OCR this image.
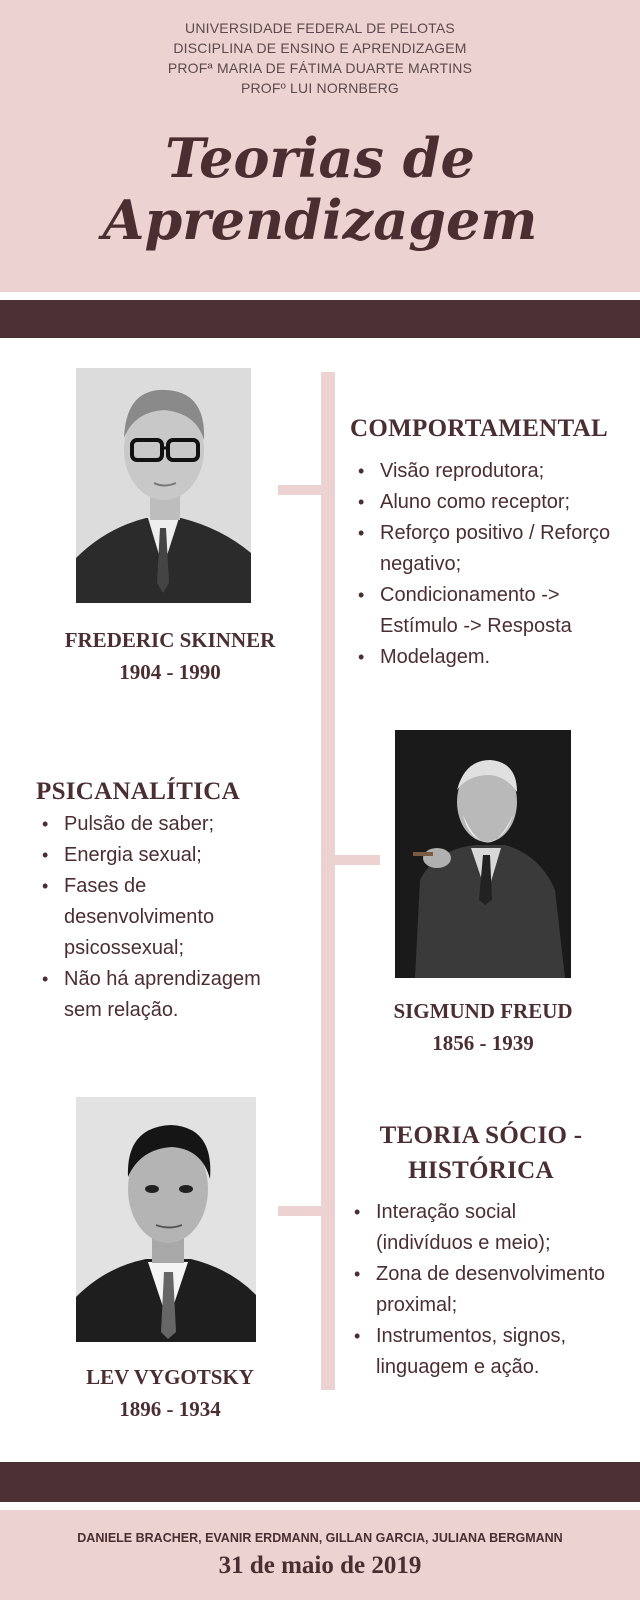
UNIVERSIDADE FEDERAL DE PELOTAS
DISCIPLINA DE ENSINO E APRENDIZAGEM
PROFª MARIA DE FÁTIMA DUARTE MARTINS
PROFº LUI NORNBERG
Teorias de
Aprendizagem
FREDERIC SKINNER
1904 - 1990
COMPORTAMENTAL
• Visão reprodutora;
• Aluno como receptor;
• Reforço positivo / Reforço negativo;
• Condicionamento -> Estímulo -> Resposta
• Modelagem.
PSICANALÍTICA
• Pulsão de saber;
• Energia sexual;
• Fases de desenvolvimento psicossexual;
• Não há aprendizagem sem relação.	SIGMUND FREUD
1856 - 1939
LEV VYGOTSKY
1896 - 1934
TEORIA SÓCIO -
HISTÓRICA
• Interação social (indivíduos e meio);
• Zona de desenvolvimento proximal;
• Instrumentos, signos, linguagem e ação.
DANIELE BRACHER, EVANIR ERDMANN, GILLAN GARCIA, JULIANA BERGMANN
31 de maio de 2019
